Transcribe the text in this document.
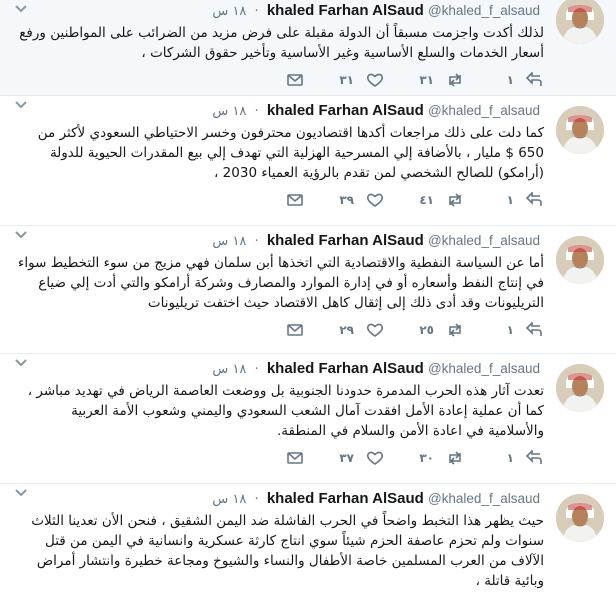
khaled Farhan AlSaud @khaled_f_alsaud · ١٨ س
لذلك أكدت واجزمت مسبقاً أن الدولة مقبلة على فرض مزيد من الضرائب على المواطنين ورفع أسعار الخدمات والسلع الأساسية وغير الأساسية وتأخير حقوق الشركات ،
١
٣١
٣١
khaled Farhan AlSaud @khaled_f_alsaud · ١٨ س
كما دلت على ذلك مراجعات أكدها اقتصاديون محترفون وخسر الاحتياطي السعودي لأكثر من 650 $ مليار ، بالأضافة إلي المسرحية الهزلية التي تهدف إلي بيع المقدرات الحيوية للدولة (أرامكو) للصالح الشخصي لمن تقدم بالرؤية العمياء 2030 ،
١
٤١
٣٩
khaled Farhan AlSaud @khaled_f_alsaud · ١٨ س
أما عن السياسة النفطية والاقتصادية التي اتخذها أبن سلمان فهي مزيج من سوء التخطيط سواء في إنتاج النفط وأسعاره أو في إدارة الموارد والمصارف وشركة أرامكو والتي أدت إلي ضياع التريليونات وقد أدى ذلك إلى إثقال كاهل الاقتصاد حيث اختفت تريليونات
١
٢٥
٢٩
khaled Farhan AlSaud @khaled_f_alsaud · ١٨ س
تعدت آثار هذه الحرب المدمرة حدودنا الجنوبية بل ووضعت العاصمة الرياض في تهديد مباشر ، كما أن عملية إعادة الأمل افقدت آمال الشعب السعودي واليمني وشعوب الأمة العربية والأسلامية في اعادة الأمن والسلام في المنطقة.
١
٣٠
٣٧
khaled Farhan AlSaud @khaled_f_alsaud · ١٨ س
حيث يظهر هذا التخبط واضحاً في الحرب الفاشلة ضد اليمن الشقيق ، فنحن الأن تعدينا الثلاث سنوات ولم تحزم عاصفة الحزم شيئاً سوي انتاج كارثة عسكرية وانسانية في اليمن من قتل الآلاف من العرب المسلمين خاصة الأطفال والنساء والشيوخ ومجاعة خطيرة وانتشار أمراض وبائية قاتلة ،
